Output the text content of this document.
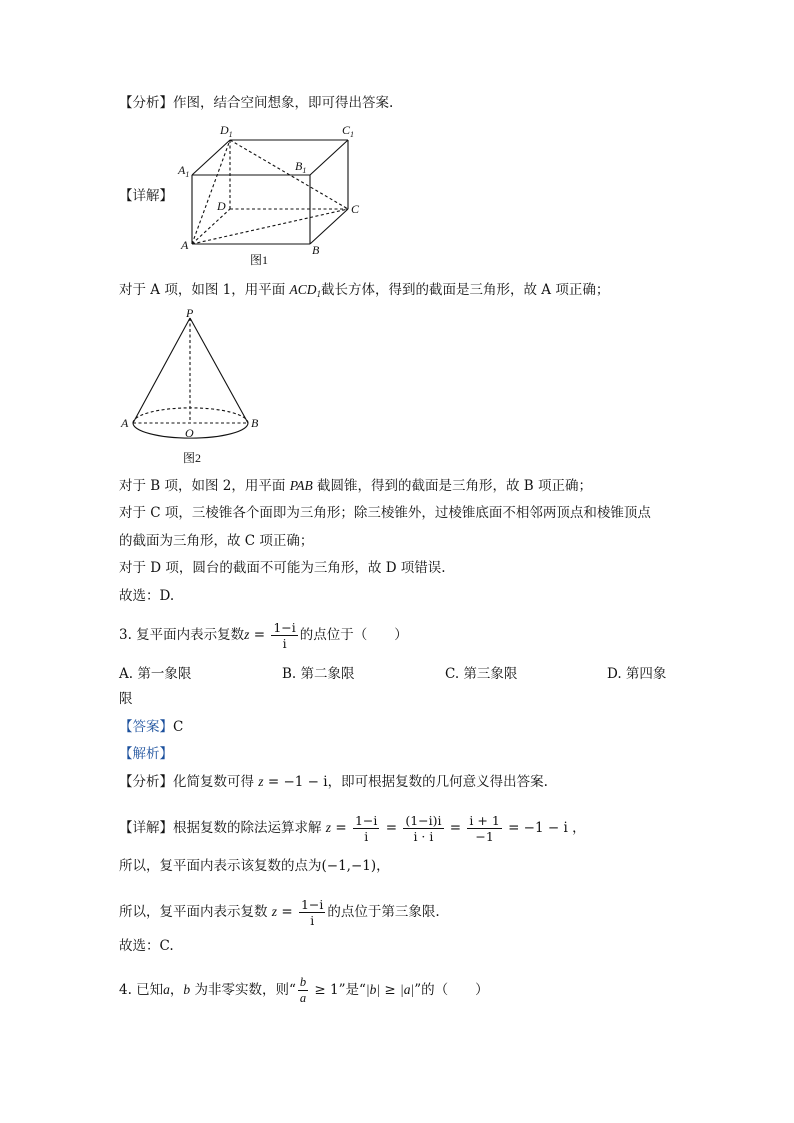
【分析】作图，结合空间想象，即可得出答案.
【详解】
$D_1$	$C_1$
$A_1$
$B_1$
D	C
A	B
图1
对于 A 项，如图 1，用平面 $ACD_1$截长方体，得到的截面是三角形，故 A 项正确；
P
A	B
O
图2
对于 B 项，如图 2，用平面 PAB 截圆锥，得到的截面是三角形，故 B 项正确；
对于 C 项，三棱锥各个面即为三角形；除三棱锥外，过棱锥底面不相邻两顶点和棱锥顶点
的截面为三角形，故 C 项正确；
对于 D 项，圆台的截面不可能为三角形，故 D 项错误.
故选：D.
3. 复平面内表示复数$z = \frac{1-i}{i}$ 的点位于（　　）
A. 第一象限	B. 第二象限	C. 第三象限	D. 第四象
限
【答案】C
【解析】
【分析】化简复数可得 z = −1 − i，即可根据复数的几何意义得出答案.
【详解】根据复数的除法运算求解 $z = \frac{1-i}{i} = \frac{(1-i)i}{i \cdot i} = \frac{i + 1}{-1} = -1 - i$ ，
所以，复平面内表示该复数的点为(−1,−1)，
所以，复平面内表示复数 $z = \frac{1-i}{i}$ 的点位于第三象限.
故选：C.
4. 已知a，b 为非零实数，则“ $\frac{b}{a} \ge 1$”是“|b| ≥ |a|”的（　　）
